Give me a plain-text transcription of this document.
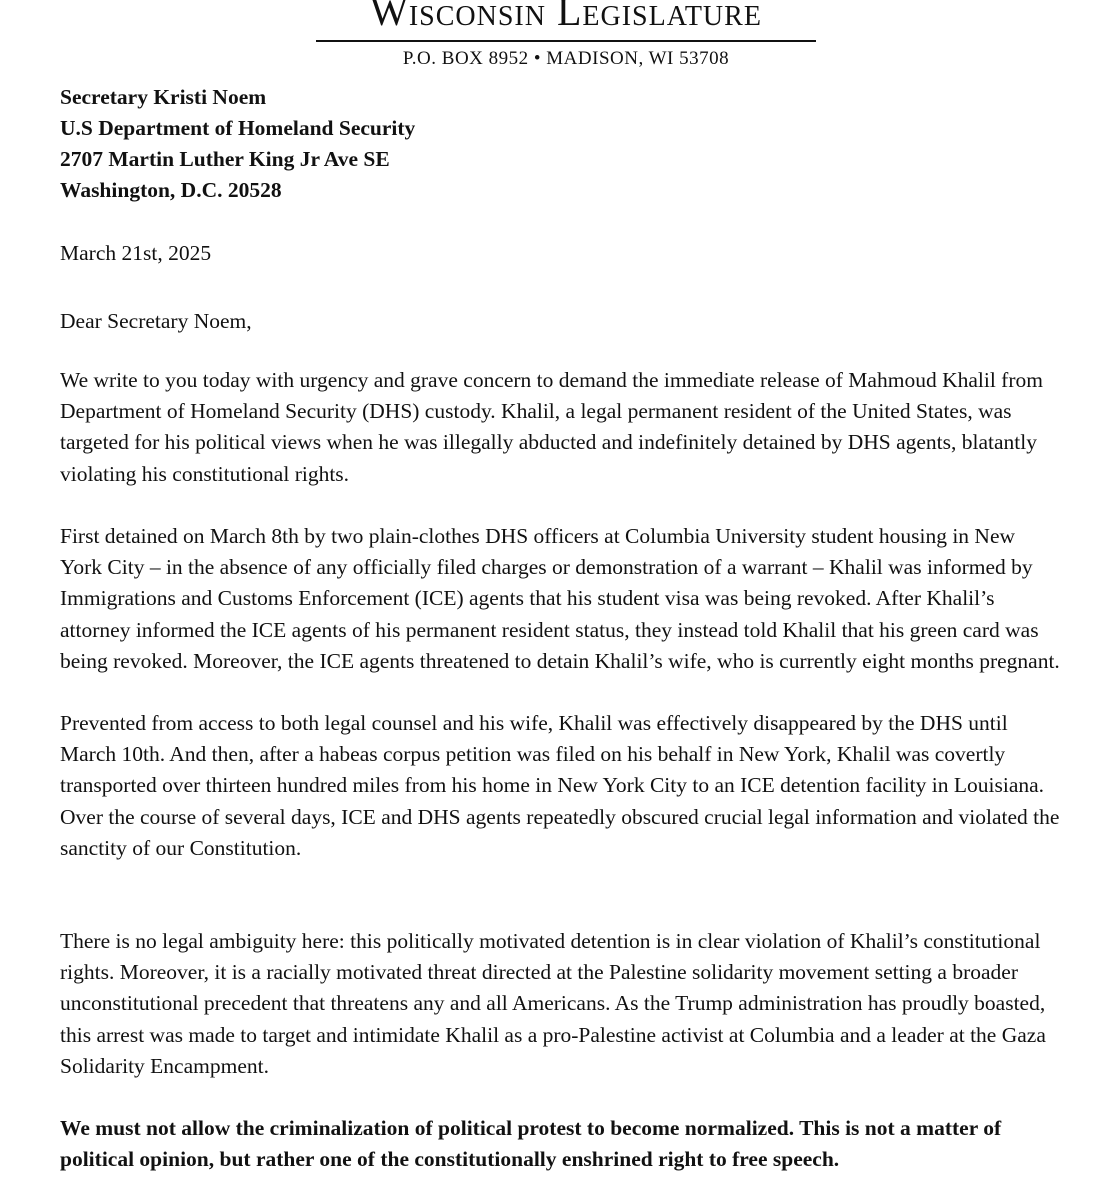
Wisconsin Legislature
P.O. BOX 8952 • MADISON, WI 53708
Secretary Kristi Noem
U.S Department of Homeland Security
2707 Martin Luther King Jr Ave SE
Washington, D.C. 20528

March 21st, 2025

Dear Secretary Noem,

We write to you today with urgency and grave concern to demand the immediate release of Mahmoud Khalil from Department of Homeland Security (DHS) custody. Khalil, a legal permanent resident of the United States, was targeted for his political views when he was illegally abducted and indefinitely detained by DHS agents, blatantly violating his constitutional rights.

First detained on March 8th by two plain-clothes DHS officers at Columbia University student housing in New York City – in the absence of any officially filed charges or demonstration of a warrant – Khalil was informed by Immigrations and Customs Enforcement (ICE) agents that his student visa was being revoked. After Khalil’s attorney informed the ICE agents of his permanent resident status, they instead told Khalil that his green card was being revoked. Moreover, the ICE agents threatened to detain Khalil’s wife, who is currently eight months pregnant.

Prevented from access to both legal counsel and his wife, Khalil was effectively disappeared by the DHS until March 10th. And then, after a habeas corpus petition was filed on his behalf in New York, Khalil was covertly transported over thirteen hundred miles from his home in New York City to an ICE detention facility in Louisiana. Over the course of several days, ICE and DHS agents repeatedly obscured crucial legal information and violated the sanctity of our Constitution.

There is no legal ambiguity here: this politically motivated detention is in clear violation of Khalil’s constitutional rights. Moreover, it is a racially motivated threat directed at the Palestine solidarity movement setting a broader unconstitutional precedent that threatens any and all Americans. As the Trump administration has proudly boasted, this arrest was made to target and intimidate Khalil as a pro-Palestine activist at Columbia and a leader at the Gaza Solidarity Encampment.

We must not allow the criminalization of political protest to become normalized. This is not a matter of political opinion, but rather one of the constitutionally enshrined right to free speech.
